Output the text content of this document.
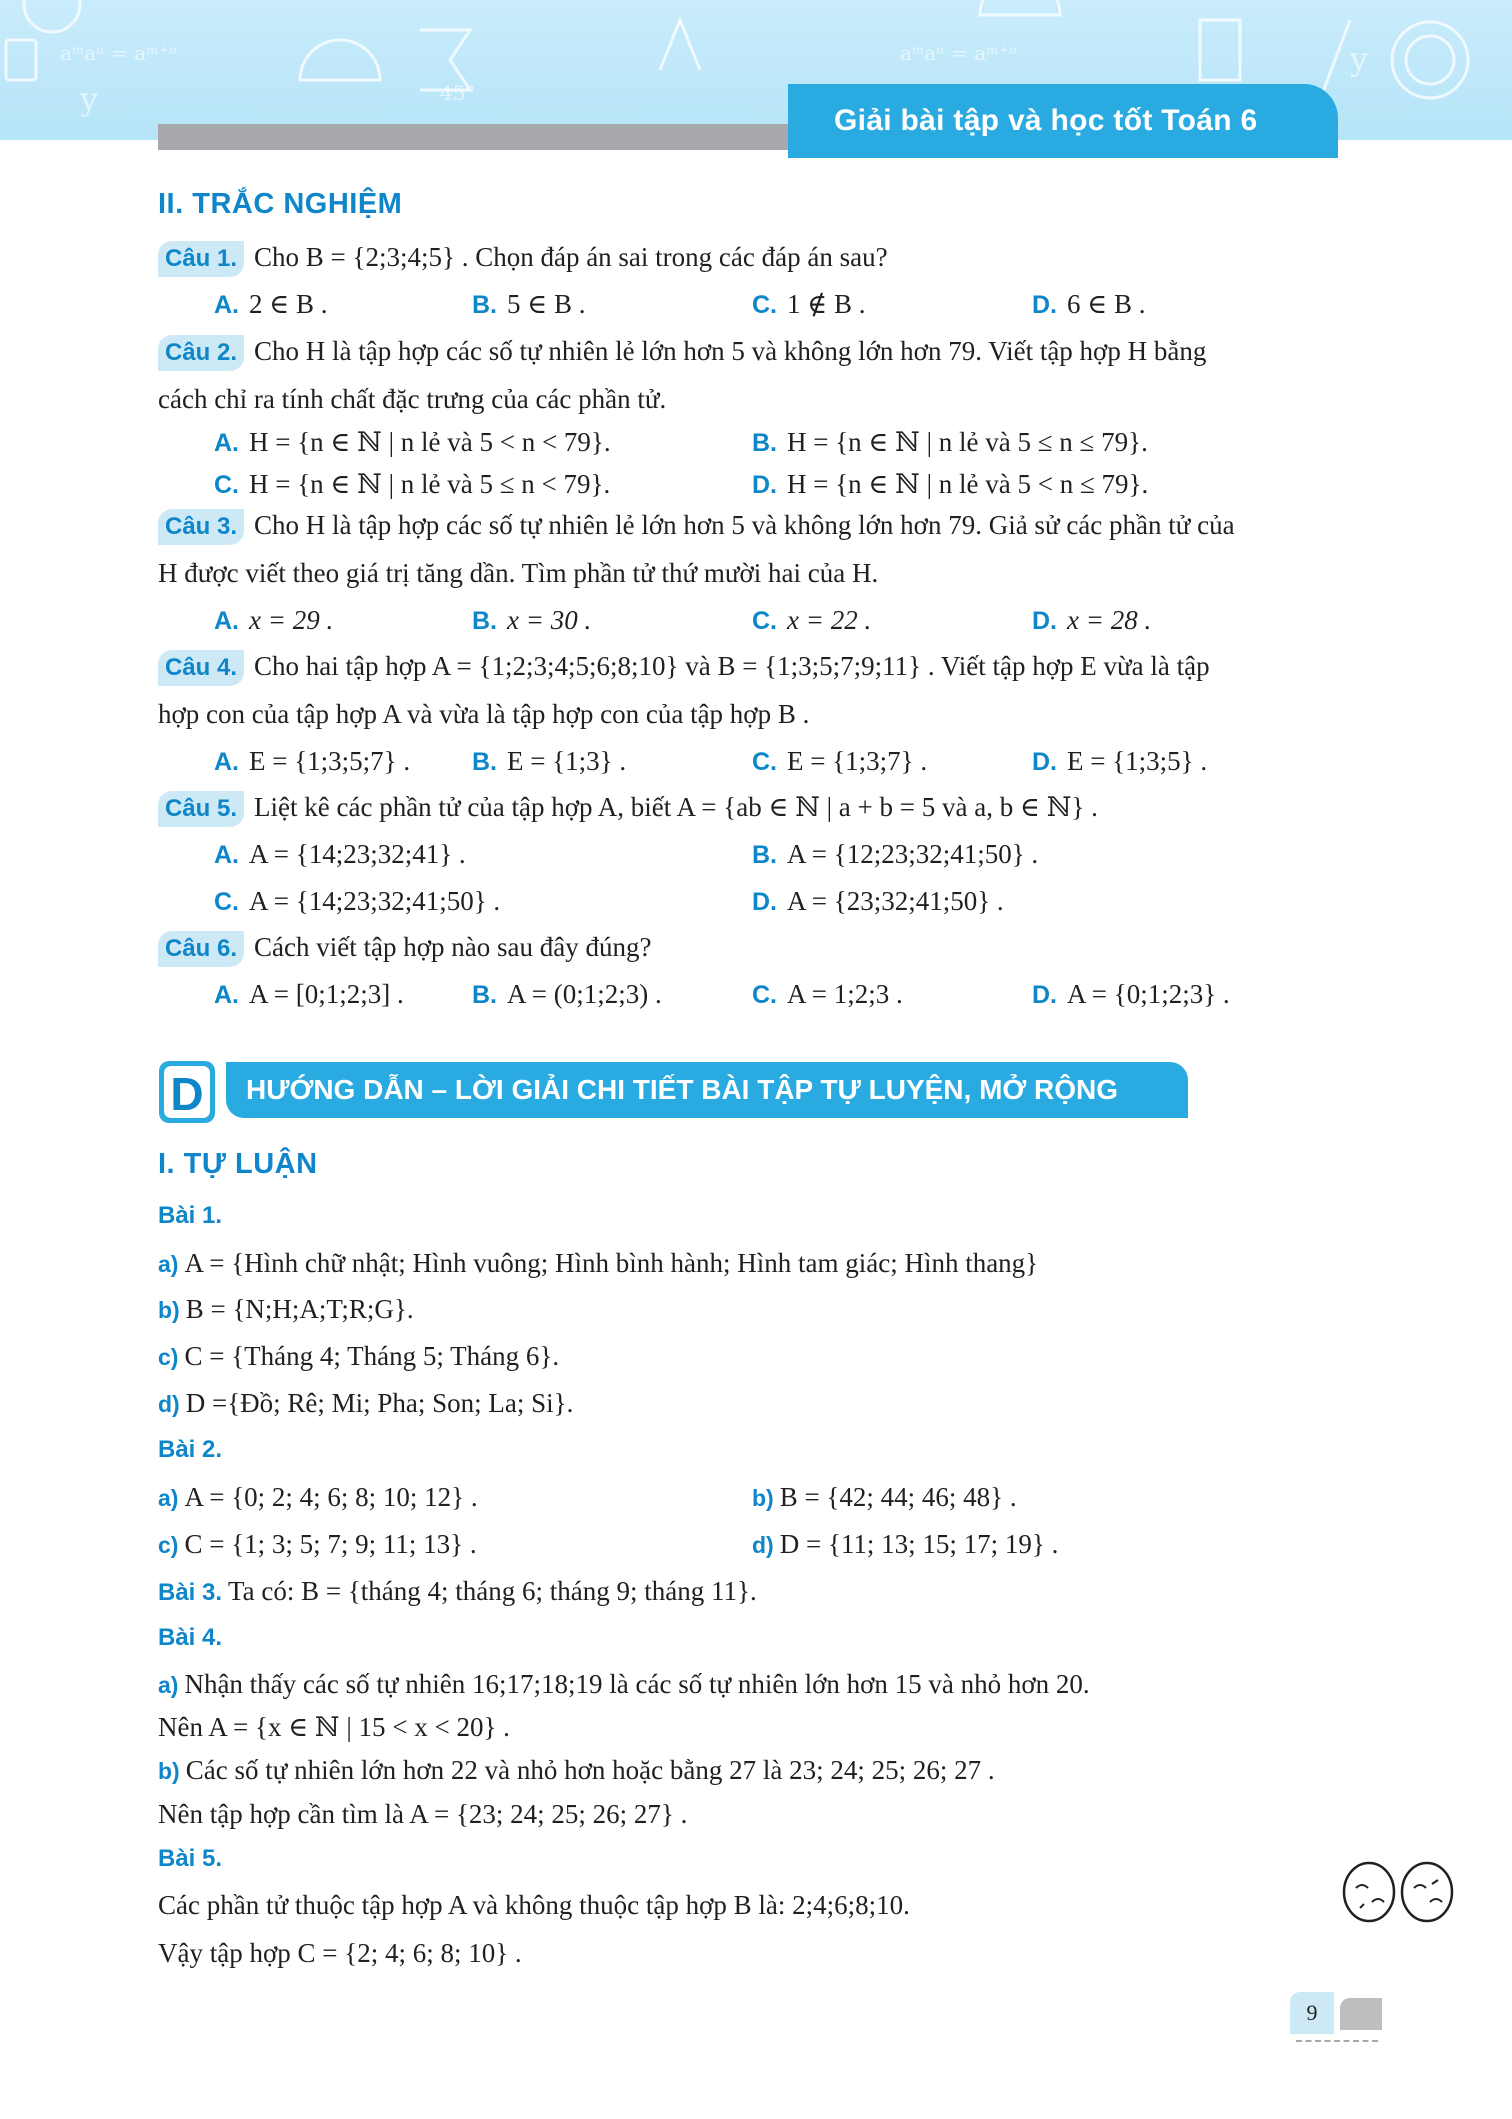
aᵐaⁿ = aᵐ⁺ⁿ
y	45°
aᵐaⁿ = aᵐ⁺ⁿ	y
Giải bài tập và học tốt Toán 6
II. TRẮC NGHIỆM
Câu 1. Cho B = {2;3;4;5} . Chọn đáp án sai trong các đáp án sau?
A. 2 ∈ B .	B. 5 ∈ B .	C. 1 ∉ B .	D. 6 ∈ B .
Câu 2. Cho H là tập hợp các số tự nhiên lẻ lớn hơn 5 và không lớn hơn 79. Viết tập hợp H bằng
cách chỉ ra tính chất đặc trưng của các phần tử.
A. H = {n ∈ ℕ | n lẻ và 5 < n < 79}.	B. H = {n ∈ ℕ | n lẻ và 5 ≤ n ≤ 79}.
C. H = {n ∈ ℕ | n lẻ và 5 ≤ n < 79}.	D. H = {n ∈ ℕ | n lẻ và 5 < n ≤ 79}.
Câu 3. Cho H là tập hợp các số tự nhiên lẻ lớn hơn 5 và không lớn hơn 79. Giả sử các phần tử của
H được viết theo giá trị tăng dần. Tìm phần tử thứ mười hai của H.
A. x = 29 .	B. x = 30 .	C. x = 22 .	D. x = 28 .
Câu 4. Cho hai tập hợp A = {1;2;3;4;5;6;8;10} và B = {1;3;5;7;9;11} . Viết tập hợp E vừa là tập
hợp con của tập hợp A và vừa là tập hợp con của tập hợp B .
A. E = {1;3;5;7} . B. E = {1;3} .	C. E = {1;3;7} .	D. E = {1;3;5} .
Câu 5. Liệt kê các phần tử của tập hợp A, biết A = {ab ∈ ℕ | a + b = 5 và a, b ∈ ℕ} .
A. A = {14;23;32;41} .	B. A = {12;23;32;41;50} .
C. A = {14;23;32;41;50} .	D. A = {23;32;41;50} .
Câu 6. Cách viết tập hợp nào sau đây đúng?
A. A = [0;1;2;3] .	B. A = (0;1;2;3) .	C. A = 1;2;3 .	D. A = {0;1;2;3} .
D	HƯỚNG DẪN – LỜI GIẢI CHI TIẾT BÀI TẬP TỰ LUYỆN, MỞ RỘNG
I. TỰ LUẬN
Bài 1.
a) A = {Hình chữ nhật; Hình vuông; Hình bình hành; Hình tam giác; Hình thang}
b) B = {N;H;A;T;R;G}.
c) C = {Tháng 4; Tháng 5; Tháng 6}.
d) D ={Đồ; Rê; Mi; Pha; Son; La; Si}.
Bài 2.
a) A = {0; 2; 4; 6; 8; 10; 12} .	b) B = {42; 44; 46; 48} .
c) C = {1; 3; 5; 7; 9; 11; 13} .	d) D = {11; 13; 15; 17; 19} .
Bài 3. Ta có: B = {tháng 4; tháng 6; tháng 9; tháng 11}.
Bài 4.
a) Nhận thấy các số tự nhiên 16;17;18;19 là các số tự nhiên lớn hơn 15 và nhỏ hơn 20.
Nên A = {x ∈ ℕ | 15 < x < 20} .
b) Các số tự nhiên lớn hơn 22 và nhỏ hơn hoặc bằng 27 là 23; 24; 25; 26; 27 .
Nên tập hợp cần tìm là A = {23; 24; 25; 26; 27} .
Bài 5.
Các phần tử thuộc tập hợp A và không thuộc tập hợp B là: 2;4;6;8;10.
Vậy tập hợp C = {2; 4; 6; 8; 10} .
9
